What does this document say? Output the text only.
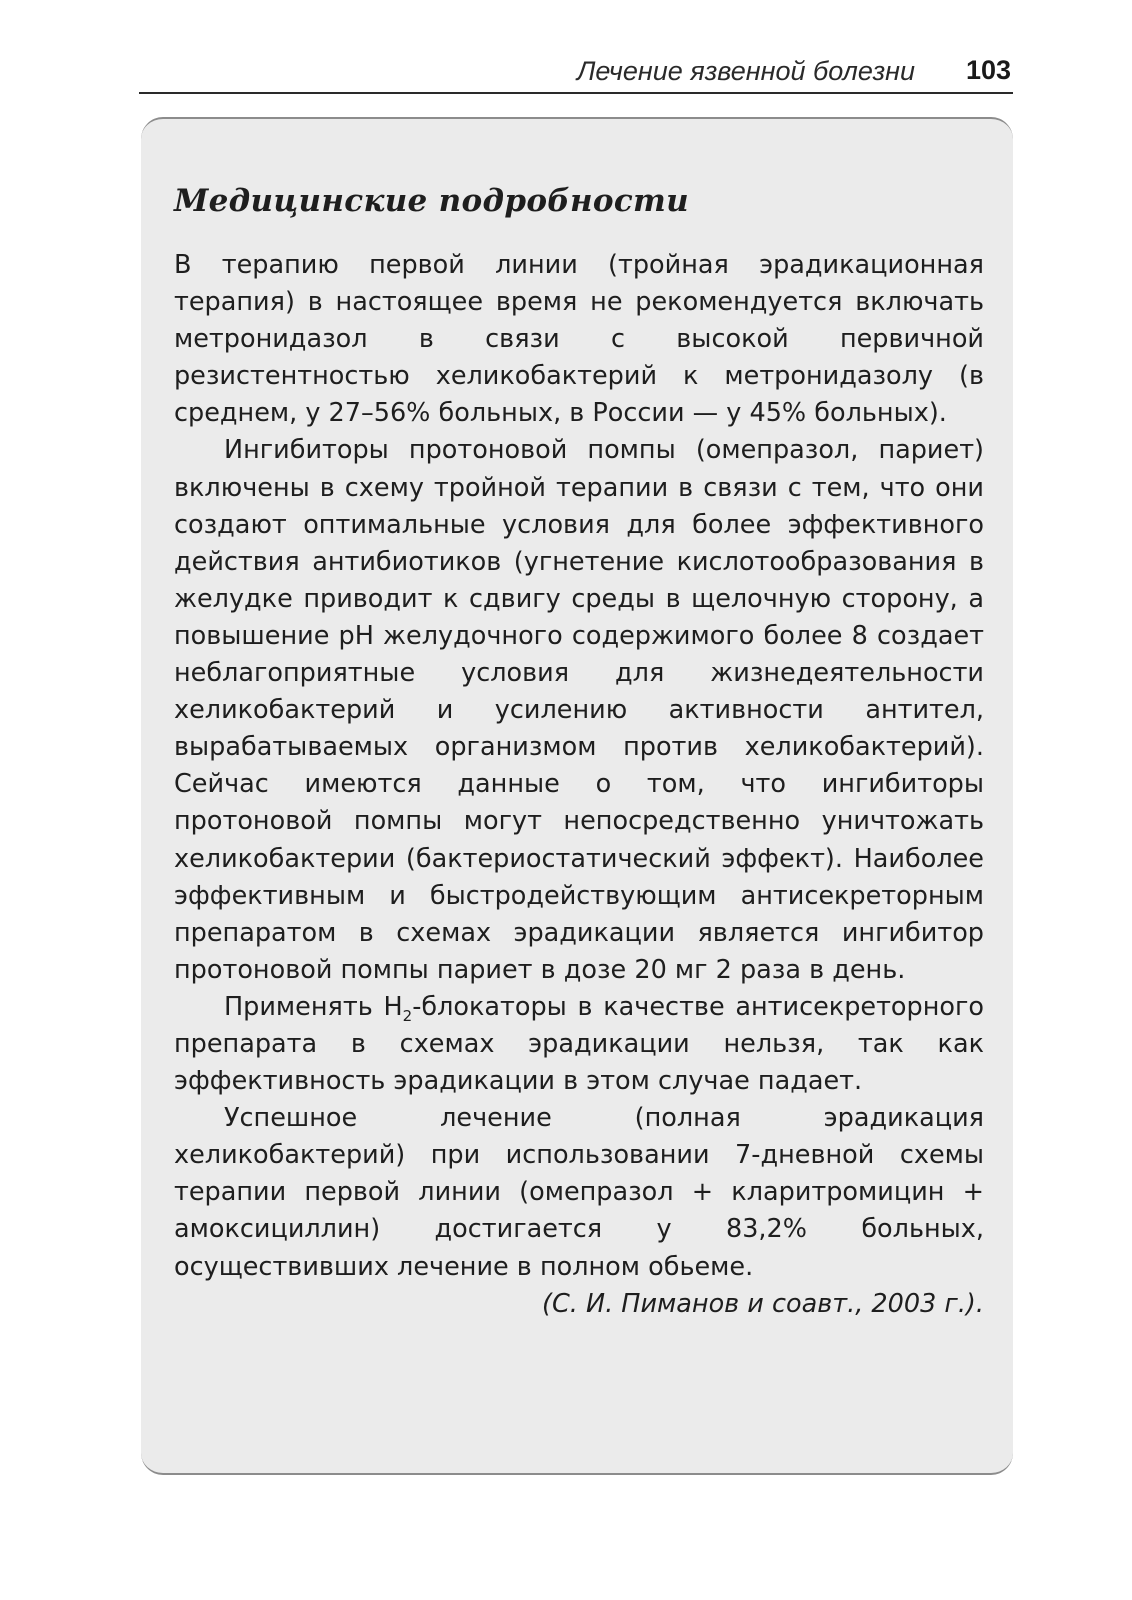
Лечение язвенной болезни 103
Медицинские подробности

В терапию первой линии (тройная эрадикационная терапия) в настоящее время не рекомендуется включать метронидазол в связи с высокой первичной резистентностью хеликобактерий к метронидазолу (в среднем, у 27–56% больных, в России — у 45% больных).

Ингибиторы протоновой помпы (омепразол, париет) включены в схему тройной терапии в связи с тем, что они создают оптимальные условия для более эффективного действия антибиотиков (угнетение кислотообразования в желудке приводит к сдвигу среды в щелочную сторону, а повышение pH желудочного содержимого более 8 создает неблагоприятные условия для жизнедеятельности хеликобактерий и усилению активности антител, вырабатываемых организмом против хеликобактерий). Сейчас имеются данные о том, что ингибиторы протоновой помпы могут непосредственно уничтожать хеликобактерии (бактериостатический эффект). Наиболее эффективным и быстродействующим антисекреторным препаратом в схемах эрадикации является ингибитор протоновой помпы париет в дозе 20 мг 2 раза в день.

Применять $H_2$-блокаторы в качестве антисекреторного препарата в схемах эрадикации нельзя, так как эффективность эрадикации в этом случае падает.

Успешное лечение (полная эрадикация хеликобактерий) при использовании 7-дневной схемы терапии первой линии (омепразол + кларитромицин + амоксициллин) достигается у 83,2% больных, осуществивших лечение в полном обьеме.

(С. И. Пиманов и соавт., 2003 г.).
